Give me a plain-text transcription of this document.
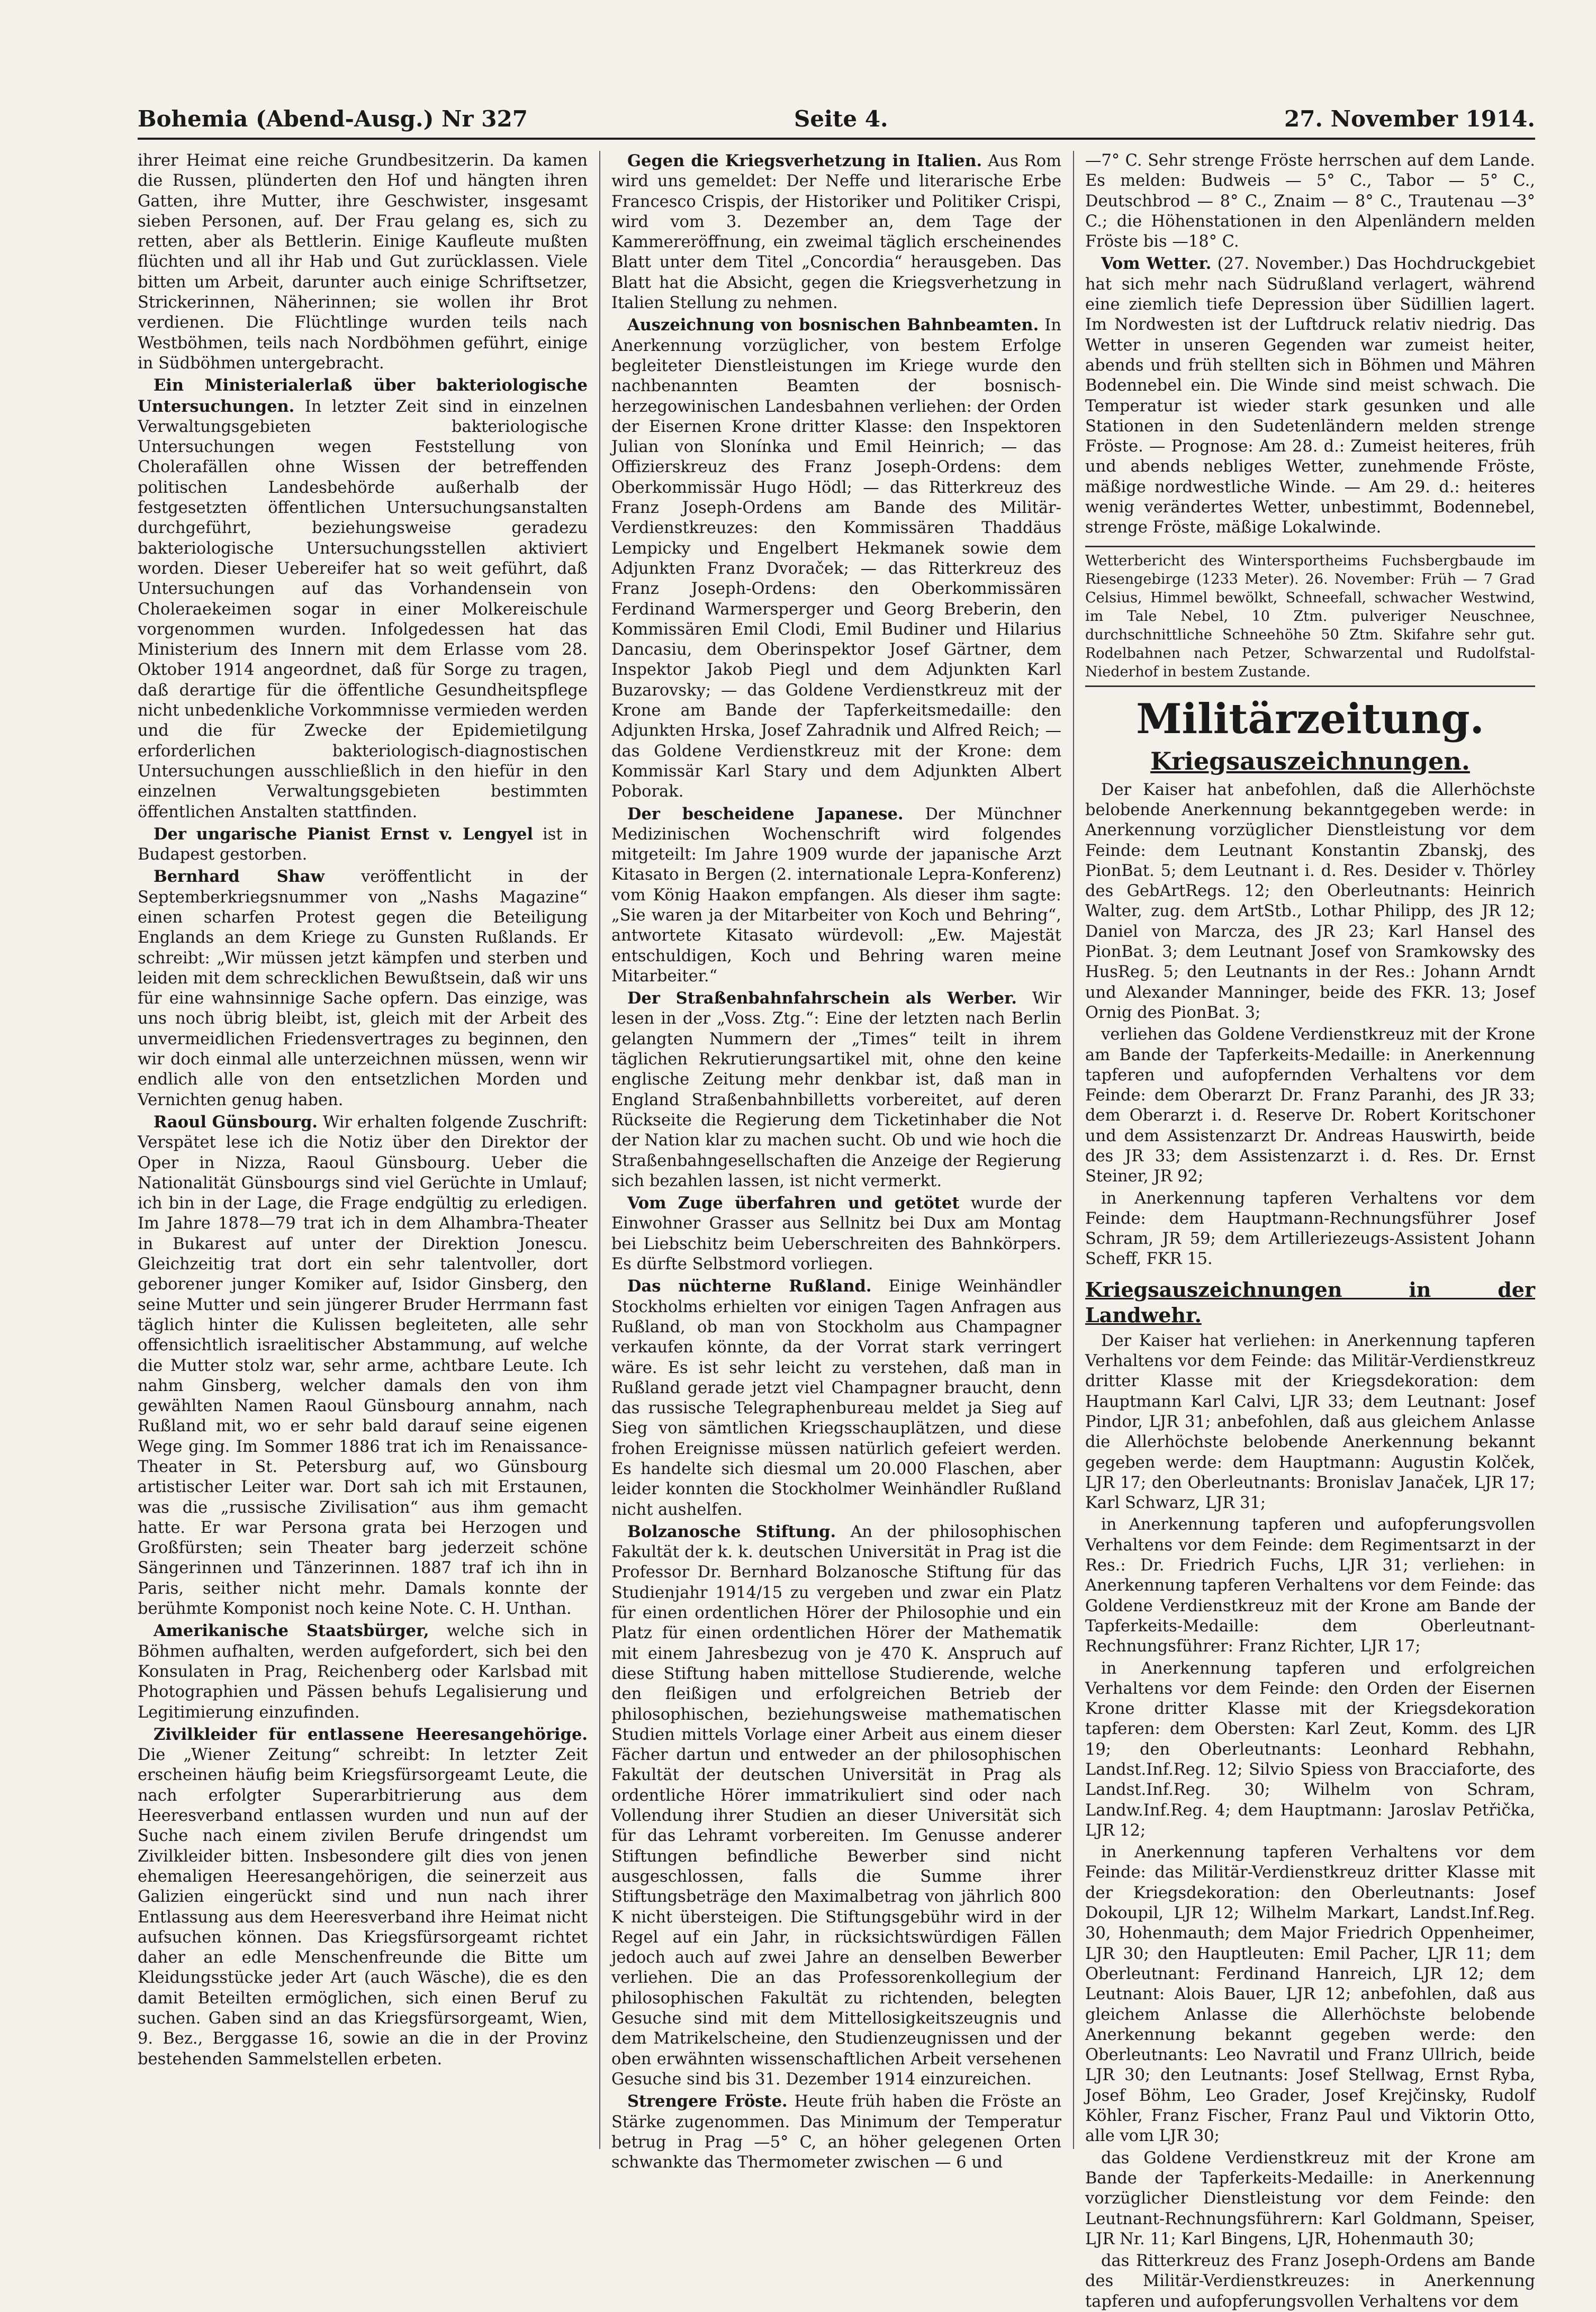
Bohemia (Abend-Ausg.) Nr 327	Seite 4.	27. November 1914.

ihrer Heimat eine reiche Grundbesitzerin. Da kamen die Russen, plünderten den Hof und hängten ihren Gatten, ihre Mutter, ihre Geschwister, insgesamt sieben Personen, auf. Der Frau gelang es, sich zu retten, aber als Bettlerin. Einige Kaufleute mußten flüchten und all ihr Hab und Gut zurücklassen. Viele bitten um Arbeit, darunter auch einige Schriftsetzer, Strickerinnen, Näherinnen; sie wollen ihr Brot verdienen. Die Flüchtlinge wurden teils nach Westböhmen, teils nach Nordböhmen geführt, einige in Südböhmen untergebracht.

Ein Ministerialerlaß über bakteriologische Untersuchungen. In letzter Zeit sind in einzelnen Verwaltungsgebieten bakteriologische Untersuchungen wegen Feststellung von Cholerafällen ohne Wissen der betreffenden politischen Landesbehörde außerhalb der festgesetzten öffentlichen Untersuchungsanstalten durchgeführt, beziehungsweise geradezu bakteriologische Untersuchungsstellen aktiviert worden. Dieser Uebereifer hat so weit geführt, daß Untersuchungen auf das Vorhandensein von Choleraekeimen sogar in einer Molkereischule vorgenommen wurden. Infolgedessen hat das Ministerium des Innern mit dem Erlasse vom 28. Oktober 1914 angeordnet, daß für Sorge zu tragen, daß derartige für die öffentliche Gesundheitspflege nicht unbedenkliche Vorkommnisse vermieden werden und die für Zwecke der Epidemietilgung erforderlichen bakteriologisch-diagnostischen Untersuchungen ausschließlich in den hiefür in den einzelnen Verwaltungsgebieten bestimmten öffentlichen Anstalten stattfinden.

Der ungarische Pianist Ernst v. Lengyel ist in Budapest gestorben.

Bernhard Shaw veröffentlicht in der Septemberkriegsnummer von „Nashs Magazine“ einen scharfen Protest gegen die Beteiligung Englands an dem Kriege zu Gunsten Rußlands. Er schreibt: „Wir müssen jetzt kämpfen und sterben und leiden mit dem schrecklichen Bewußtsein, daß wir uns für eine wahnsinnige Sache opfern. Das einzige, was uns noch übrig bleibt, ist, gleich mit der Arbeit des unvermeidlichen Friedensvertrages zu beginnen, den wir doch einmal alle unterzeichnen müssen, wenn wir endlich alle von den entsetzlichen Morden und Vernichten genug haben.

Raoul Günsbourg. Wir erhalten folgende Zuschrift: Verspätet lese ich die Notiz über den Direktor der Oper in Nizza, Raoul Günsbourg. Ueber die Nationalität Günsbourgs sind viel Gerüchte in Umlauf; ich bin in der Lage, die Frage endgültig zu erledigen. Im Jahre 1878—79 trat ich in dem Alhambra-Theater in Bukarest auf unter der Direktion Jonescu. Gleichzeitig trat dort ein sehr talentvoller, dort geborener junger Komiker auf, Isidor Ginsberg, den seine Mutter und sein jüngerer Bruder Herrmann fast täglich hinter die Kulissen begleiteten, alle sehr offensichtlich israelitischer Abstammung, auf welche die Mutter stolz war, sehr arme, achtbare Leute. Ich nahm Ginsberg, welcher damals den von ihm gewählten Namen Raoul Günsbourg annahm, nach Rußland mit, wo er sehr bald darauf seine eigenen Wege ging. Im Sommer 1886 trat ich im Renaissance-Theater in St. Petersburg auf, wo Günsbourg artistischer Leiter war. Dort sah ich mit Erstaunen, was die „russische Zivilisation“ aus ihm gemacht hatte. Er war Persona grata bei Herzogen und Großfürsten; sein Theater barg jederzeit schöne Sängerinnen und Tänzerinnen. 1887 traf ich ihn in Paris, seither nicht mehr. Damals konnte der berühmte Komponist noch keine Note. C. H. Unthan.

Amerikanische Staatsbürger, welche sich in Böhmen aufhalten, werden aufgefordert, sich bei den Konsulaten in Prag, Reichenberg oder Karlsbad mit Photographien und Pässen behufs Legalisierung und Legitimierung einzufinden.

Zivilkleider für entlassene Heeresangehörige. Die „Wiener Zeitung“ schreibt: In letzter Zeit erscheinen häufig beim Kriegsfürsorgeamt Leute, die nach erfolgter Superarbitrierung aus dem Heeresverband entlassen wurden und nun auf der Suche nach einem zivilen Berufe dringendst um Zivilkleider bitten. Insbesondere gilt dies von jenen ehemaligen Heeresangehörigen, die seinerzeit aus Galizien eingerückt sind und nun nach ihrer Entlassung aus dem Heeresverband ihre Heimat nicht aufsuchen können. Das Kriegsfürsorgeamt richtet daher an edle Menschenfreunde die Bitte um Kleidungsstücke jeder Art (auch Wäsche), die es den damit Beteilten ermöglichen, sich einen Beruf zu suchen. Gaben sind an das Kriegsfürsorgeamt, Wien, 9. Bez., Berggasse 16, sowie an die in der Provinz bestehenden Sammelstellen erbeten.

Gegen die Kriegsverhetzung in Italien. Aus Rom wird uns gemeldet: Der Neffe und literarische Erbe Francesco Crispis, der Historiker und Politiker Crispi, wird vom 3. Dezember an, dem Tage der Kammereröffnung, ein zweimal täglich erscheinendes Blatt unter dem Titel „Concordia“ herausgeben. Das Blatt hat die Absicht, gegen die Kriegsverhetzung in Italien Stellung zu nehmen.

Auszeichnung von bosnischen Bahnbeamten. In Anerkennung vorzüglicher, von bestem Erfolge begleiteter Dienstleistungen im Kriege wurde den nachbenannten Beamten der bosnisch-herzegowinischen Landesbahnen verliehen: der Orden der Eisernen Krone dritter Klasse: den Inspektoren Julian von Slonínka und Emil Heinrich; — das Offizierskreuz des Franz Joseph-Ordens: dem Oberkommissär Hugo Hödl; — das Ritterkreuz des Franz Joseph-Ordens am Bande des Militär-Verdienstkreuzes: den Kommissären Thaddäus Lempicky und Engelbert Hekmanek sowie dem Adjunkten Franz Dvoraček; — das Ritterkreuz des Franz Joseph-Ordens: den Oberkommissären Ferdinand Warmersperger und Georg Breberin, den Kommissären Emil Clodi, Emil Budiner und Hilarius Dancasiu, dem Oberinspektor Josef Gärtner, dem Inspektor Jakob Piegl und dem Adjunkten Karl Buzarovsky; — das Goldene Verdienstkreuz mit der Krone am Bande der Tapferkeitsmedaille: den Adjunkten Hrska, Josef Zahradnik und Alfred Reich; — das Goldene Verdienstkreuz mit der Krone: dem Kommissär Karl Stary und dem Adjunkten Albert Poborak.

Der bescheidene Japanese. Der Münchner Medizinischen Wochenschrift wird folgendes mitgeteilt: Im Jahre 1909 wurde der japanische Arzt Kitasato in Bergen (2. internationale Lepra-Konferenz) vom König Haakon empfangen. Als dieser ihm sagte: „Sie waren ja der Mitarbeiter von Koch und Behring“, antwortete Kitasato würdevoll: „Ew. Majestät entschuldigen, Koch und Behring waren meine Mitarbeiter.“

Der Straßenbahnfahrschein als Werber. Wir lesen in der „Voss. Ztg.“: Eine der letzten nach Berlin gelangten Nummern der „Times“ teilt in ihrem täglichen Rekrutierungsartikel mit, ohne den keine englische Zeitung mehr denkbar ist, daß man in England Straßenbahnbilletts vorbereitet, auf deren Rückseite die Regierung dem Ticketinhaber die Not der Nation klar zu machen sucht. Ob und wie hoch die Straßenbahngesellschaften die Anzeige der Regierung sich bezahlen lassen, ist nicht vermerkt.

Vom Zuge überfahren und getötet wurde der Einwohner Grasser aus Sellnitz bei Dux am Montag bei Liebschitz beim Ueberschreiten des Bahnkörpers. Es dürfte Selbstmord vorliegen.

Das nüchterne Rußland. Einige Weinhändler Stockholms erhielten vor einigen Tagen Anfragen aus Rußland, ob man von Stockholm aus Champagner verkaufen könnte, da der Vorrat stark verringert wäre. Es ist sehr leicht zu verstehen, daß man in Rußland gerade jetzt viel Champagner braucht, denn das russische Telegraphenbureau meldet ja Sieg auf Sieg von sämtlichen Kriegsschauplätzen, und diese frohen Ereignisse müssen natürlich gefeiert werden. Es handelte sich diesmal um 20.000 Flaschen, aber leider konnten die Stockholmer Weinhändler Rußland nicht aushelfen.

Bolzanosche Stiftung. An der philosophischen Fakultät der k. k. deutschen Universität in Prag ist die Professor Dr. Bernhard Bolzanosche Stiftung für das Studienjahr 1914/15 zu vergeben und zwar ein Platz für einen ordentlichen Hörer der Philosophie und ein Platz für einen ordentlichen Hörer der Mathematik mit einem Jahresbezug von je 470 K. Anspruch auf diese Stiftung haben mittellose Studierende, welche den fleißigen und erfolgreichen Betrieb der philosophischen, beziehungsweise mathematischen Studien mittels Vorlage einer Arbeit aus einem dieser Fächer dartun und entweder an der philosophischen Fakultät der deutschen Universität in Prag als ordentliche Hörer immatrikuliert sind oder nach Vollendung ihrer Studien an dieser Universität sich für das Lehramt vorbereiten. Im Genusse anderer Stiftungen befindliche Bewerber sind nicht ausgeschlossen, falls die Summe ihrer Stiftungsbeträge den Maximalbetrag von jährlich 800 K nicht übersteigen. Die Stiftungsgebühr wird in der Regel auf ein Jahr, in rücksichtswürdigen Fällen jedoch auch auf zwei Jahre an denselben Bewerber verliehen. Die an das Professorenkollegium der philosophischen Fakultät zu richtenden, belegten Gesuche sind mit dem Mittellosigkeitszeugnis und dem Matrikelscheine, den Studienzeugnissen und der oben erwähnten wissenschaftlichen Arbeit versehenen Gesuche sind bis 31. Dezember 1914 einzureichen.

Strengere Fröste. Heute früh haben die Fröste an Stärke zugenommen. Das Minimum der Temperatur betrug in Prag —5° C, an höher gelegenen Orten schwankte das Thermometer zwischen — 6 und

—7° C. Sehr strenge Fröste herrschen auf dem Lande. Es melden: Budweis — 5° C., Tabor — 5° C., Deutschbrod — 8° C., Znaim — 8° C., Trautenau —3° C.; die Höhenstationen in den Alpenländern melden Fröste bis —18° C.

Vom Wetter. (27. November.) Das Hochdruckgebiet hat sich mehr nach Südrußland verlagert, während eine ziemlich tiefe Depression über Südillien lagert. Im Nordwesten ist der Luftdruck relativ niedrig. Das Wetter in unseren Gegenden war zumeist heiter, abends und früh stellten sich in Böhmen und Mähren Bodennebel ein. Die Winde sind meist schwach. Die Temperatur ist wieder stark gesunken und alle Stationen in den Sudetenländern melden strenge Fröste. — Prognose: Am 28. d.: Zumeist heiteres, früh und abends nebliges Wetter, zunehmende Fröste, mäßige nordwestliche Winde. — Am 29. d.: heiteres wenig verändertes Wetter, unbestimmt, Bodennebel, strenge Fröste, mäßige Lokalwinde.

Wetterbericht des Wintersportheims Fuchsbergbaude im Riesengebirge (1233 Meter). 26. November: Früh — 7 Grad Celsius, Himmel bewölkt, Schneefall, schwacher Westwind, im Tale Nebel, 10 Ztm. pulveriger Neuschnee, durchschnittliche Schneehöhe 50 Ztm. Skifahre sehr gut. Rodelbahnen nach Petzer, Schwarzental und Rudolfstal-Niederhof in bestem Zustande.
Militärzeitung.
Kriegsauszeichnungen.

Der Kaiser hat anbefohlen, daß die Allerhöchste belobende Anerkennung bekanntgegeben werde: in Anerkennung vorzüglicher Dienstleistung vor dem Feinde: dem Leutnant Konstantin Zbanskj, des PionBat. 5; dem Leutnant i. d. Res. Desider v. Thörley des GebArtRegs. 12; den Oberleutnants: Heinrich Walter, zug. dem ArtStb., Lothar Philipp, des JR 12; Daniel von Marcza, des JR 23; Karl Hansel des PionBat. 3; dem Leutnant Josef von Sramkowsky des HusReg. 5; den Leutnants in der Res.: Johann Arndt und Alexander Manninger, beide des FKR. 13; Josef Ornig des PionBat. 3;

verliehen das Goldene Verdienstkreuz mit der Krone am Bande der Tapferkeits-Medaille: in Anerkennung tapferen und aufopfernden Verhaltens vor dem Feinde: dem Oberarzt Dr. Franz Paranhi, des JR 33; dem Oberarzt i. d. Reserve Dr. Robert Koritschoner und dem Assistenzarzt Dr. Andreas Hauswirth, beide des JR 33; dem Assistenzarzt i. d. Res. Dr. Ernst Steiner, JR 92;

in Anerkennung tapferen Verhaltens vor dem Feinde: dem Hauptmann-Rechnungsführer Josef Schram, JR 59; dem Artilleriezeugs-Assistent Johann Scheff, FKR 15.

Kriegsauszeichnungen in der Landwehr.

Der Kaiser hat verliehen: in Anerkennung tapferen Verhaltens vor dem Feinde: das Militär-Verdienstkreuz dritter Klasse mit der Kriegsdekoration: dem Hauptmann Karl Calvi, LJR 33; dem Leutnant: Josef Pindor, LJR 31; anbefohlen, daß aus gleichem Anlasse die Allerhöchste belobende Anerkennung bekannt gegeben werde: dem Hauptmann: Augustin Kolček, LJR 17; den Oberleutnants: Bronislav Janaček, LJR 17; Karl Schwarz, LJR 31;

in Anerkennung tapferen und aufopferungsvollen Verhaltens vor dem Feinde: dem Regimentsarzt in der Res.: Dr. Friedrich Fuchs, LJR 31; verliehen: in Anerkennung tapferen Verhaltens vor dem Feinde: das Goldene Verdienstkreuz mit der Krone am Bande der Tapferkeits-Medaille: dem Oberleutnant-Rechnungsführer: Franz Richter, LJR 17;

in Anerkennung tapferen und erfolgreichen Verhaltens vor dem Feinde: den Orden der Eisernen Krone dritter Klasse mit der Kriegsdekoration tapferen: dem Obersten: Karl Zeut, Komm. des LJR 19; den Oberleutnants: Leonhard Rebhahn, Landst.Inf.Reg. 12; Silvio Spiess von Bracciaforte, des Landst.Inf.Reg. 30; Wilhelm von Schram, Landw.Inf.Reg. 4; dem Hauptmann: Jaroslav Petřička, LJR 12;

in Anerkennung tapferen Verhaltens vor dem Feinde: das Militär-Verdienstkreuz dritter Klasse mit der Kriegsdekoration: den Oberleutnants: Josef Dokoupil, LJR 12; Wilhelm Markart, Landst.Inf.Reg. 30, Hohenmauth; dem Major Friedrich Oppenheimer, LJR 30; den Hauptleuten: Emil Pacher, LJR 11; dem Oberleutnant: Ferdinand Hanreich, LJR 12; dem Leutnant: Alois Bauer, LJR 12; anbefohlen, daß aus gleichem Anlasse die Allerhöchste belobende Anerkennung bekannt gegeben werde: den Oberleutnants: Leo Navratil und Franz Ullrich, beide LJR 30; den Leutnants: Josef Stellwag, Ernst Ryba, Josef Böhm, Leo Grader, Josef Krejčinsky, Rudolf Köhler, Franz Fischer, Franz Paul und Viktorin Otto, alle vom LJR 30;

das Goldene Verdienstkreuz mit der Krone am Bande der Tapferkeits-Medaille: in Anerkennung vorzüglicher Dienstleistung vor dem Feinde: den Leutnant-Rechnungsführern: Karl Goldmann, Speiser, LJR Nr. 11; Karl Bingens, LJR, Hohenmauth 30;

das Ritterkreuz des Franz Joseph-Ordens am Bande des Militär-Verdienstkreuzes: in Anerkennung tapferen und aufopferungsvollen Verhaltens vor dem
